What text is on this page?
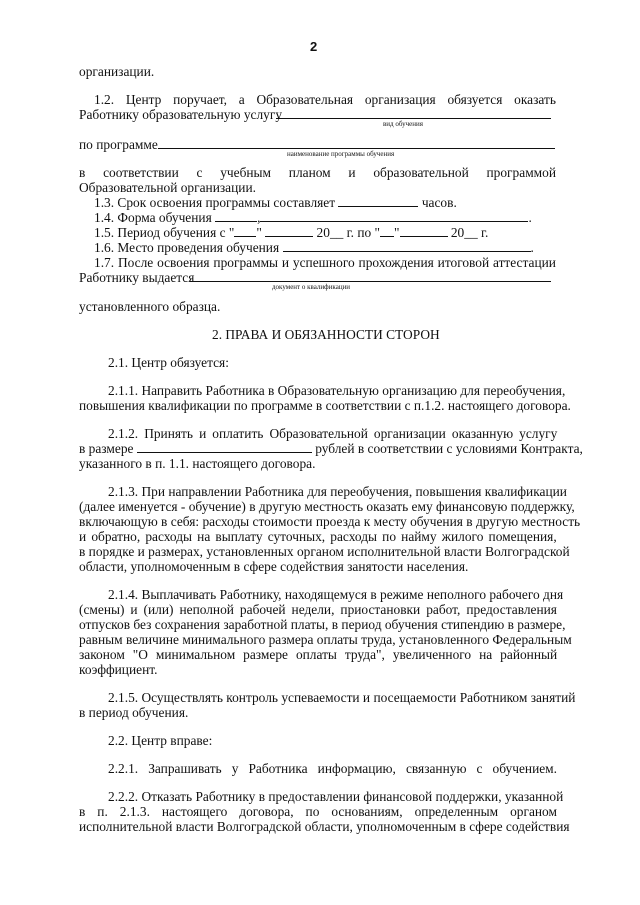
2
организации.
1.2. Центр поручает, а Образовательная организация обязуется оказать
Работнику образовательную услугу
вид обучения
по программе
наименование программы обучения
в соответствии с учебным планом и образовательной программой
Образовательной организации.
1.3. Срок освоения программы составляет	часов.
1.4. Форма обучения	,	.
1.5. Период обучения с " "	20__ г. по " "	20__ г.
1.6. Место проведения обучения	.
1.7. После освоения программы и успешного прохождения итоговой аттестации
Работнику выдается
документ о квалификации
установленного образца.
2. ПРАВА И ОБЯЗАННОСТИ СТОРОН
2.1. Центр обязуется:
2.1.1. Направить Работника в Образовательную организацию для переобучения,
повышения квалификации по программе в соответствии с п.1.2. настоящего договора.
2.1.2. Принять и оплатить Образовательной организации оказанную услугу
в размере	рублей в соответствии с условиями Контракта,
указанного в п. 1.1. настоящего договора.
2.1.3. При направлении Работника для переобучения, повышения квалификации
(далее именуется - обучение) в другую местность оказать ему финансовую поддержку,
включающую в себя: расходы стоимости проезда к месту обучения в другую местность
и обратно, расходы на выплату суточных, расходы по найму жилого помещения,
в порядке и размерах, установленных органом исполнительной власти Волгоградской
области, уполномоченным в сфере содействия занятости населения.
2.1.4. Выплачивать Работнику, находящемуся в режиме неполного рабочего дня
(смены) и (или) неполной рабочей недели, приостановки работ, предоставления
отпусков без сохранения заработной платы, в период обучения стипендию в размере,
равным величине минимального размера оплаты труда, установленного Федеральным
законом "О минимальном размере оплаты труда", увеличенного на районный
коэффициент.
2.1.5. Осуществлять контроль успеваемости и посещаемости Работником занятий
в период обучения.
2.2. Центр вправе:
2.2.1. Запрашивать у Работника информацию, связанную с обучением.
2.2.2. Отказать Работнику в предоставлении финансовой поддержки, указанной
в п. 2.1.3. настоящего договора, по основаниям, определенным органом
исполнительной власти Волгоградской области, уполномоченным в сфере содействия
